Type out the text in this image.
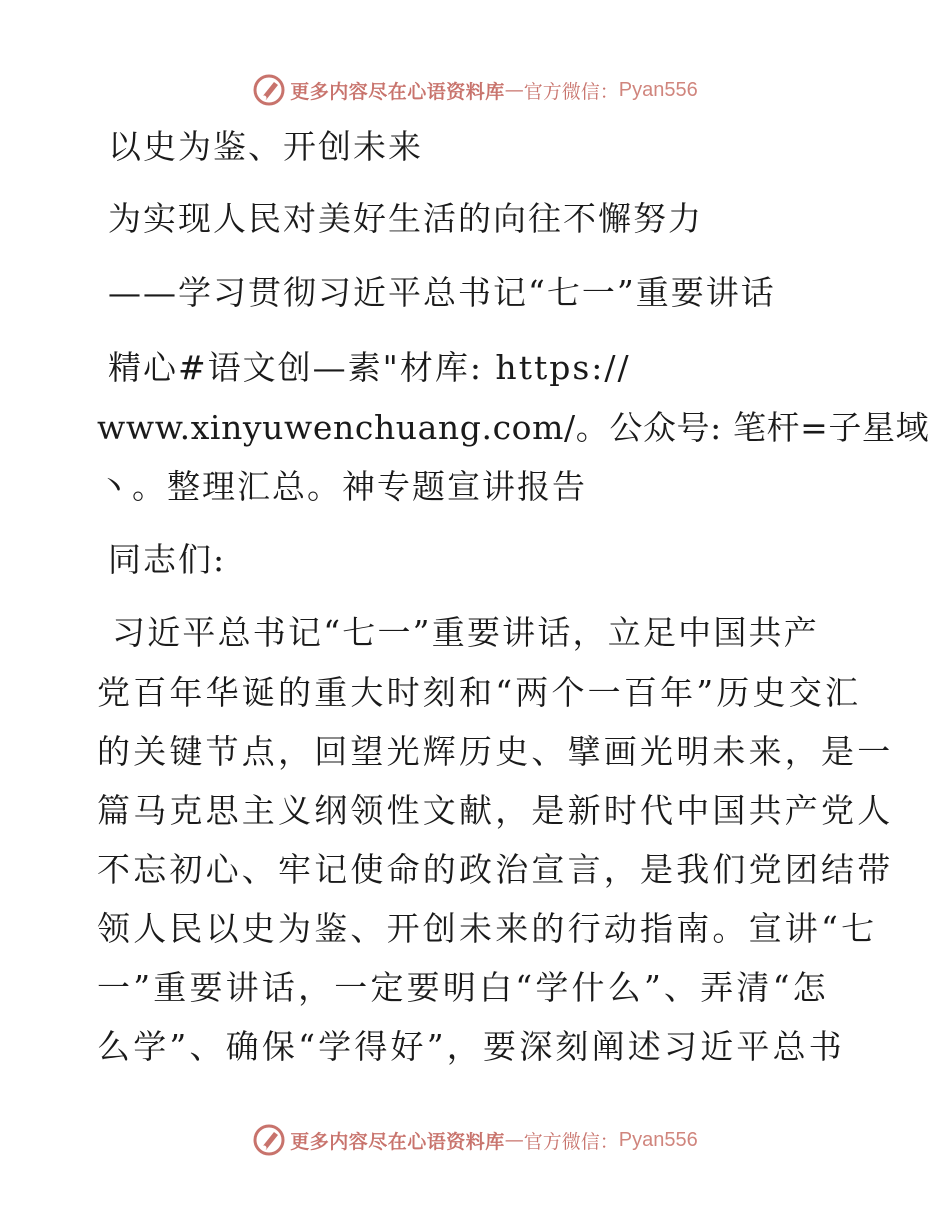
更多内容尽在心语资料库 — 官方微信： Pyan556
以史为鉴、开创未来
为实现人民对美好生活的向往不懈努力
——学习贯彻习近平总书记“七一”重要讲话
精心#语文创—素"材库: https://
www.xinyuwenchuang.com/。公众号: 笔杆=子星域
丶。整理汇总。神专题宣讲报告
同志们:
习近平总书记“七一”重要讲话，立足中国共产
党百年华诞的重大时刻和“两个一百年”历史交汇
的关键节点，回望光辉历史、擘画光明未来，是一
篇马克思主义纲领性文献，是新时代中国共产党人
不忘初心、牢记使命的政治宣言，是我们党团结带
领人民以史为鉴、开创未来的行动指南。宣讲“七
一”重要讲话，一定要明白“学什么”、弄清“怎
么学”、确保“学得好”，要深刻阐述习近平总书
更多内容尽在心语资料库 — 官方微信： Pyan556
